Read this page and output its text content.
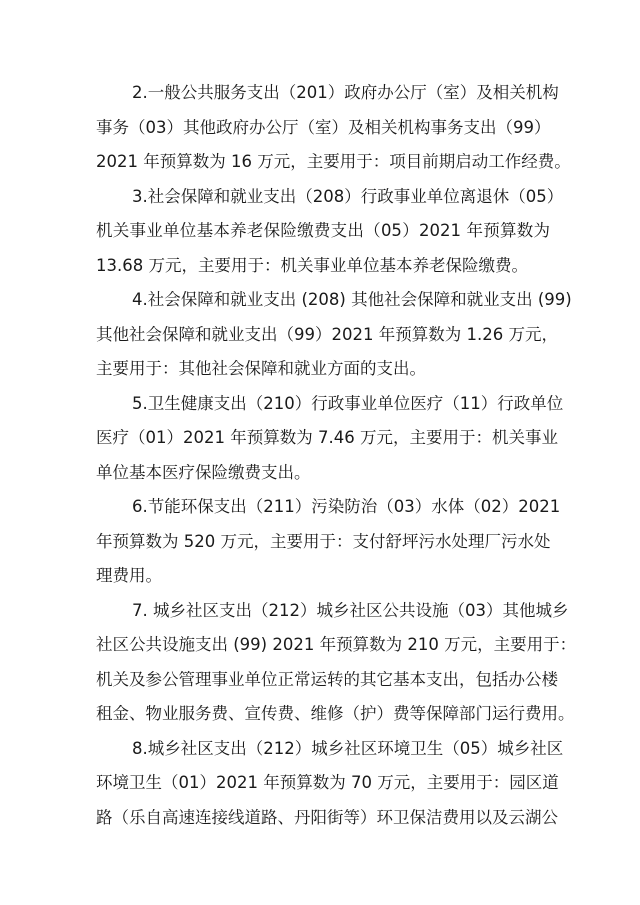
2.一般公共服务支出（201）政府办公厅（室）及相关机构
事务（03）其他政府办公厅（室）及相关机构事务支出（99）
2021 年预算数为 16 万元，主要用于：项目前期启动工作经费。

3.社会保障和就业支出（208）行政事业单位离退休（05）
机关事业单位基本养老保险缴费支出（05）2021 年预算数为
13.68 万元，主要用于：机关事业单位基本养老保险缴费。

4.社会保障和就业支出 (208) 其他社会保障和就业支出 (99)
其他社会保障和就业支出（99）2021 年预算数为 1.26 万元，
主要用于：其他社会保障和就业方面的支出。

5.卫生健康支出（210）行政事业单位医疗（11）行政单位
医疗（01）2021 年预算数为 7.46 万元，主要用于：机关事业
单位基本医疗保险缴费支出。

6.节能环保支出（211）污染防治（03）水体（02）2021
年预算数为 520 万元，主要用于：支付舒坪污水处理厂污水处
理费用。

7. 城乡社区支出（212）城乡社区公共设施（03）其他城乡
社区公共设施支出 (99) 2021 年预算数为 210 万元，主要用于：
机关及参公管理事业单位正常运转的其它基本支出，包括办公楼
租金、物业服务费、宣传费、维修（护）费等保障部门运行费用。

8.城乡社区支出（212）城乡社区环境卫生（05）城乡社区
环境卫生（01）2021 年预算数为 70 万元，主要用于：园区道
路（乐自高速连接线道路、丹阳街等）环卫保洁费用以及云湖公
